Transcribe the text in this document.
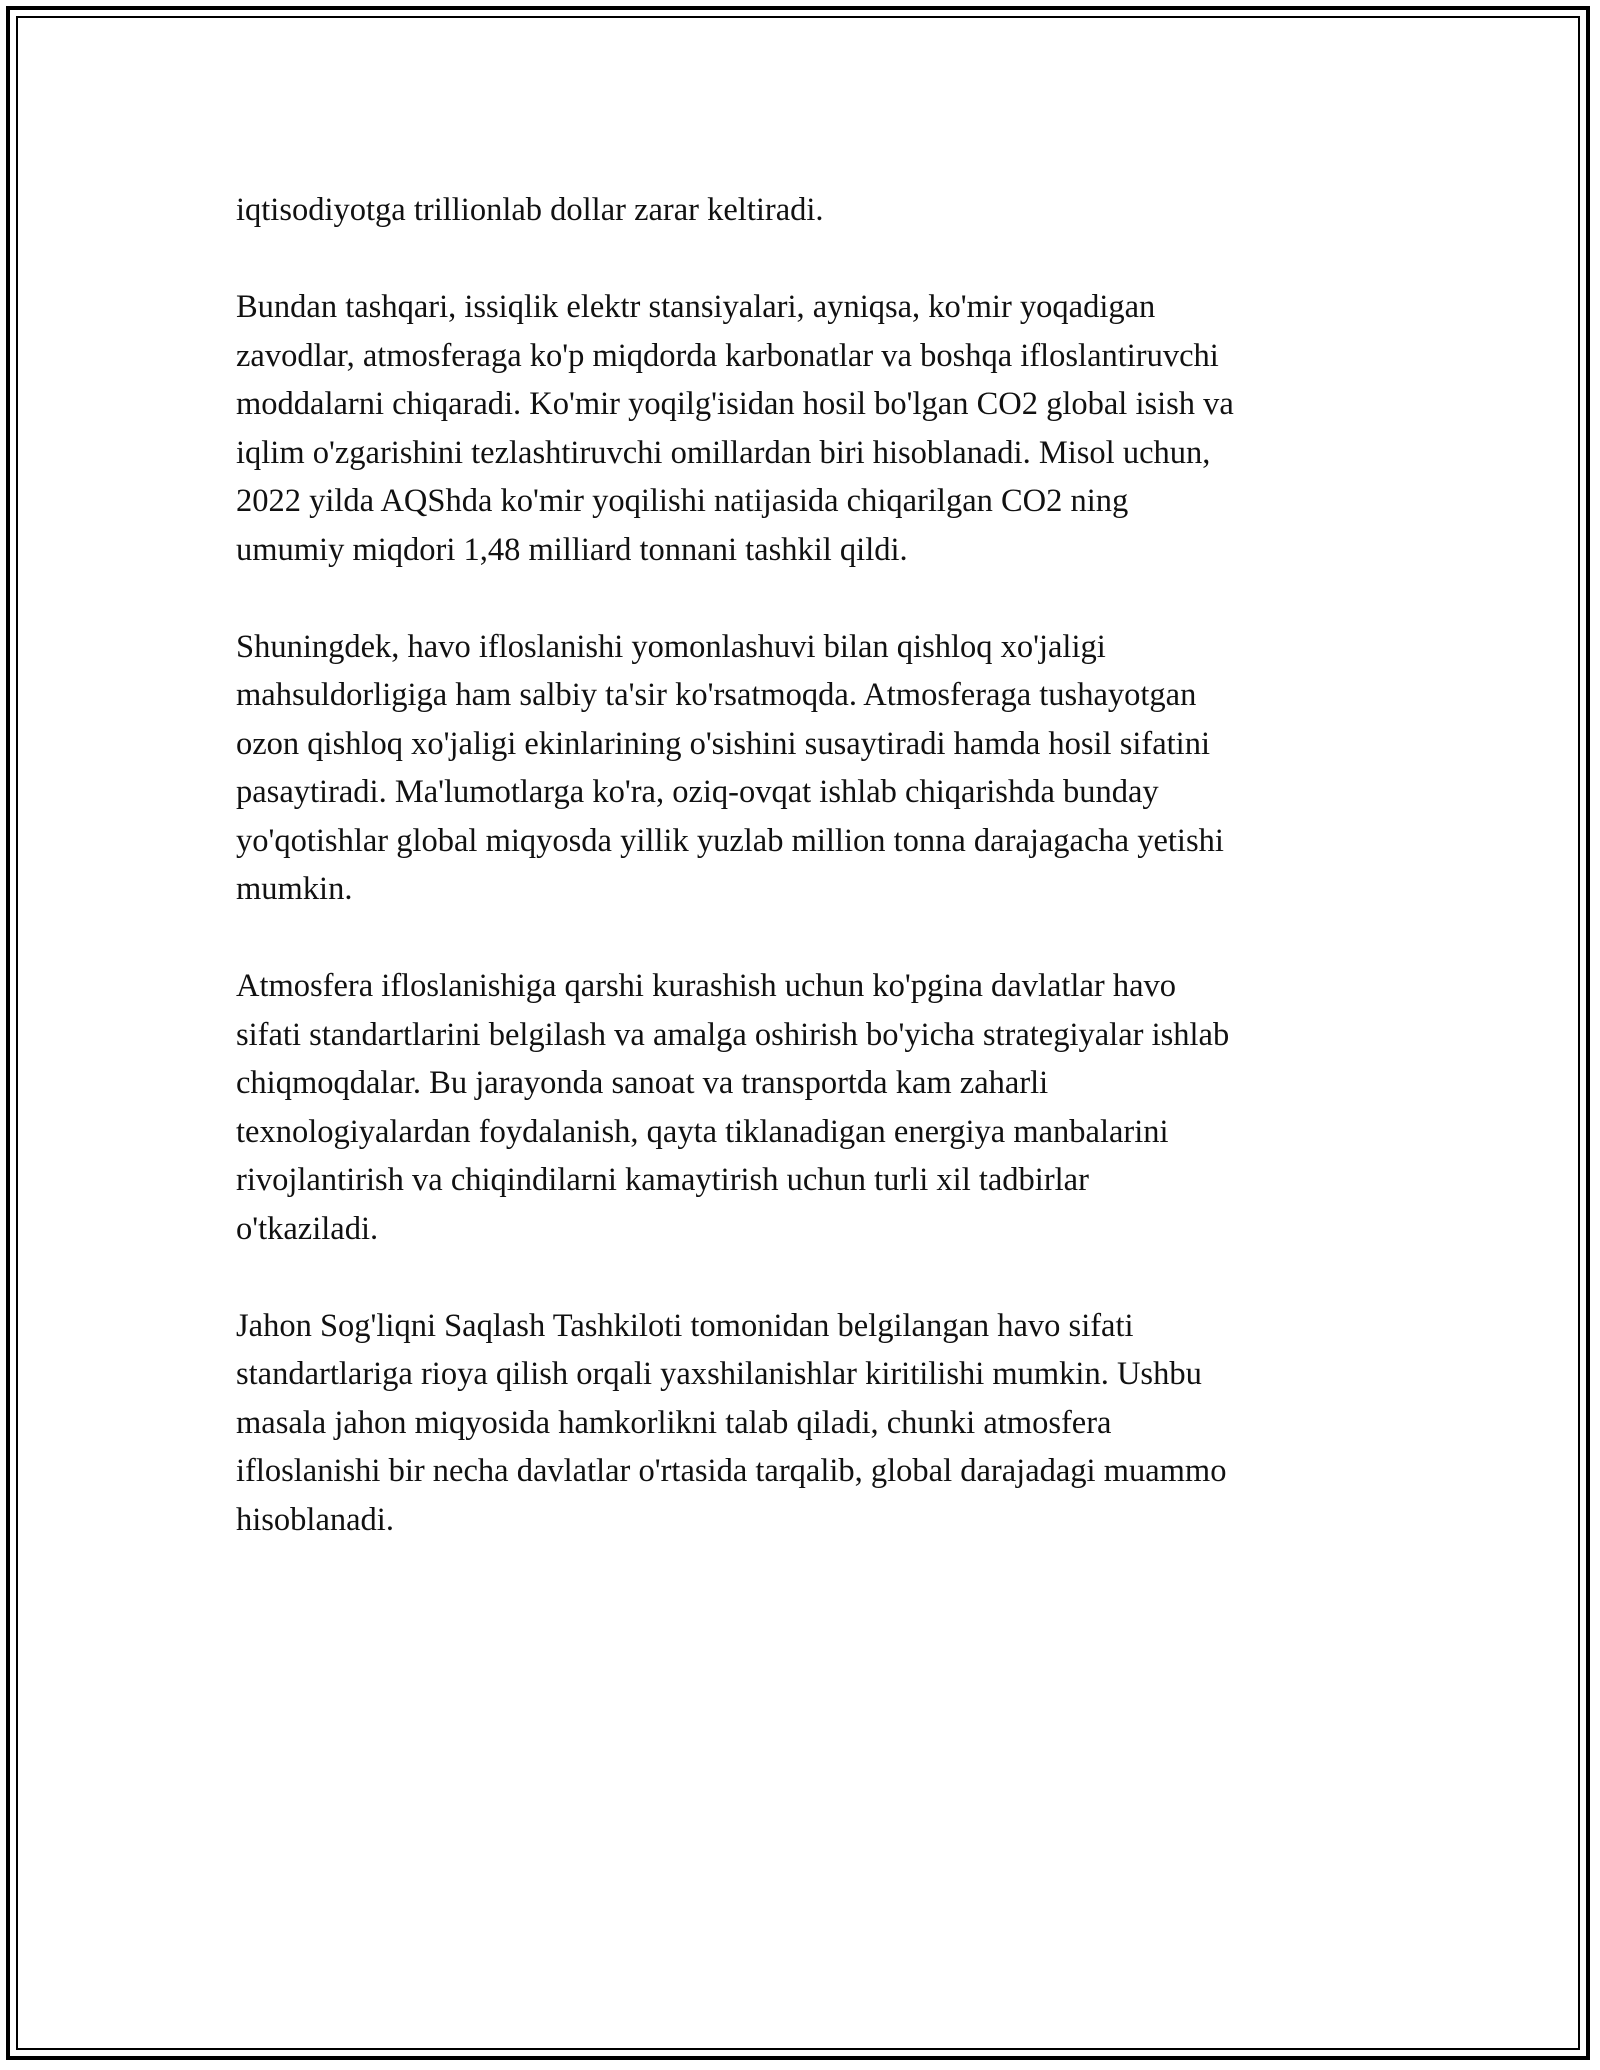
iqtisodiyotga trillionlab dollar zarar keltiradi.

Bundan tashqari, issiqlik elektr stansiyalari, ayniqsa, ko'mir yoqadigan
zavodlar, atmosferaga ko'p miqdorda karbonatlar va boshqa ifloslantiruvchi
moddalarni chiqaradi. Ko'mir yoqilg'isidan hosil bo'lgan CO2 global isish va
iqlim o'zgarishini tezlashtiruvchi omillardan biri hisoblanadi. Misol uchun,
2022 yilda AQShda ko'mir yoqilishi natijasida chiqarilgan CO2 ning
umumiy miqdori 1,48 milliard tonnani tashkil qildi.

Shuningdek, havo ifloslanishi yomonlashuvi bilan qishloq xo'jaligi
mahsuldorligiga ham salbiy ta'sir ko'rsatmoqda. Atmosferaga tushayotgan
ozon qishloq xo'jaligi ekinlarining o'sishini susaytiradi hamda hosil sifatini
pasaytiradi. Ma'lumotlarga ko'ra, oziq-ovqat ishlab chiqarishda bunday
yo'qotishlar global miqyosda yillik yuzlab million tonna darajagacha yetishi
mumkin.

Atmosfera ifloslanishiga qarshi kurashish uchun ko'pgina davlatlar havo
sifati standartlarini belgilash va amalga oshirish bo'yicha strategiyalar ishlab
chiqmoqdalar. Bu jarayonda sanoat va transportda kam zaharli
texnologiyalardan foydalanish, qayta tiklanadigan energiya manbalarini
rivojlantirish va chiqindilarni kamaytirish uchun turli xil tadbirlar
o'tkaziladi.

Jahon Sog'liqni Saqlash Tashkiloti tomonidan belgilangan havo sifati
standartlariga rioya qilish orqali yaxshilanishlar kiritilishi mumkin. Ushbu
masala jahon miqyosida hamkorlikni talab qiladi, chunki atmosfera
ifloslanishi bir necha davlatlar o'rtasida tarqalib, global darajadagi muammo
hisoblanadi.
